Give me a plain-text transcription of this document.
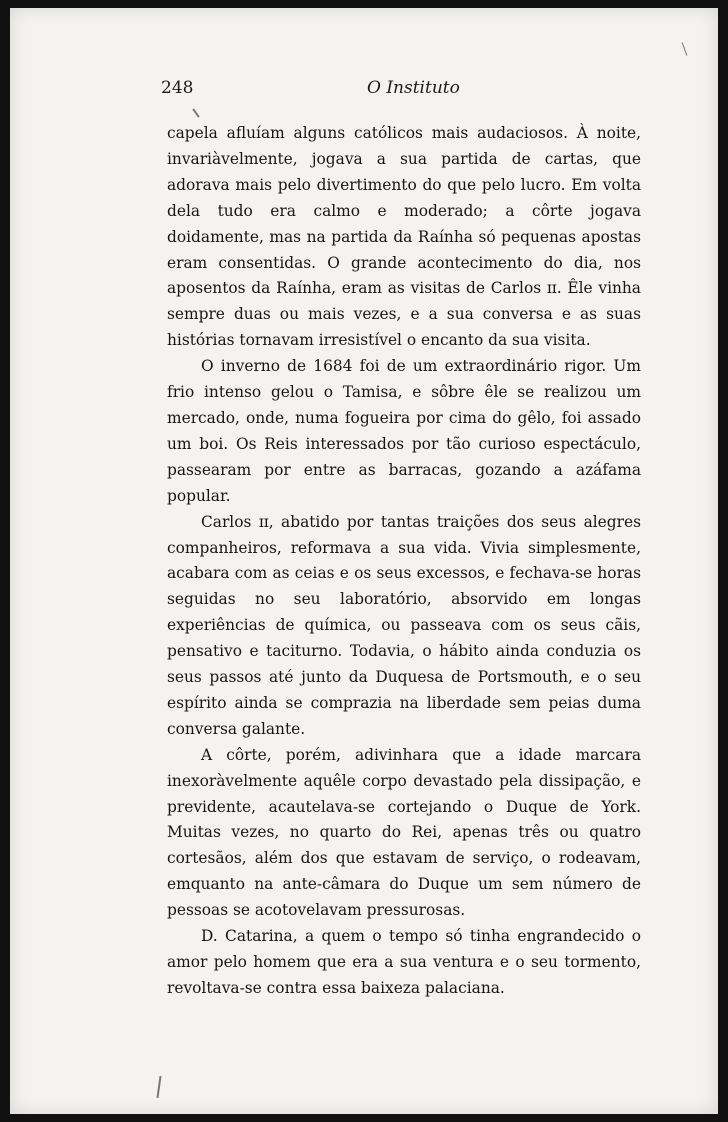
248	O Instituto

capela afluíam alguns católicos mais audaciosos. À noite, invariàvelmente, jogava a sua partida de cartas, que adorava mais pelo divertimento do que pelo lucro. Em volta dela tudo era calmo e moderado; a côrte jogava doidamente, mas na partida da Raínha só pequenas apostas eram consentidas. O grande acontecimento do dia, nos aposentos da Raínha, eram as visitas de Carlos ɪɪ. Êle vinha sempre duas ou mais vezes, e a sua conversa e as suas histórias tornavam irresistível o encanto da sua visita.

O inverno de 1684 foi de um extraordinário rigor. Um frio intenso gelou o Tamisa, e sôbre êle se realizou um mercado, onde, numa fogueira por cima do gêlo, foi assado um boi. Os Reis interessados por tão curioso espectáculo, passearam por entre as barracas, gozando a azáfama popular.

Carlos ɪɪ, abatido por tantas traições dos seus alegres companheiros, reformava a sua vida. Vivia simplesmente, acabara com as ceias e os seus excessos, e fechava-se horas seguidas no seu laboratório, absorvido em longas experiências de química, ou passeava com os seus cãis, pensativo e taciturno. Todavia, o hábito ainda conduzia os seus passos até junto da Duquesa de Portsmouth, e o seu espírito ainda se comprazia na liberdade sem peias duma conversa galante.

A côrte, porém, adivinhara que a idade marcara inexoràvelmente aquêle corpo devastado pela dissipação, e previdente, acautelava-se cortejando o Duque de York. Muitas vezes, no quarto do Rei, apenas três ou quatro cortesãos, além dos que estavam de serviço, o rodeavam, emquanto na ante-câmara do Duque um sem número de pessoas se acotovelavam pressurosas.

D. Catarina, a quem o tempo só tinha engrandecido o amor pelo homem que era a sua ventura e o seu tormento, revoltava-se contra essa baixeza palaciana.
